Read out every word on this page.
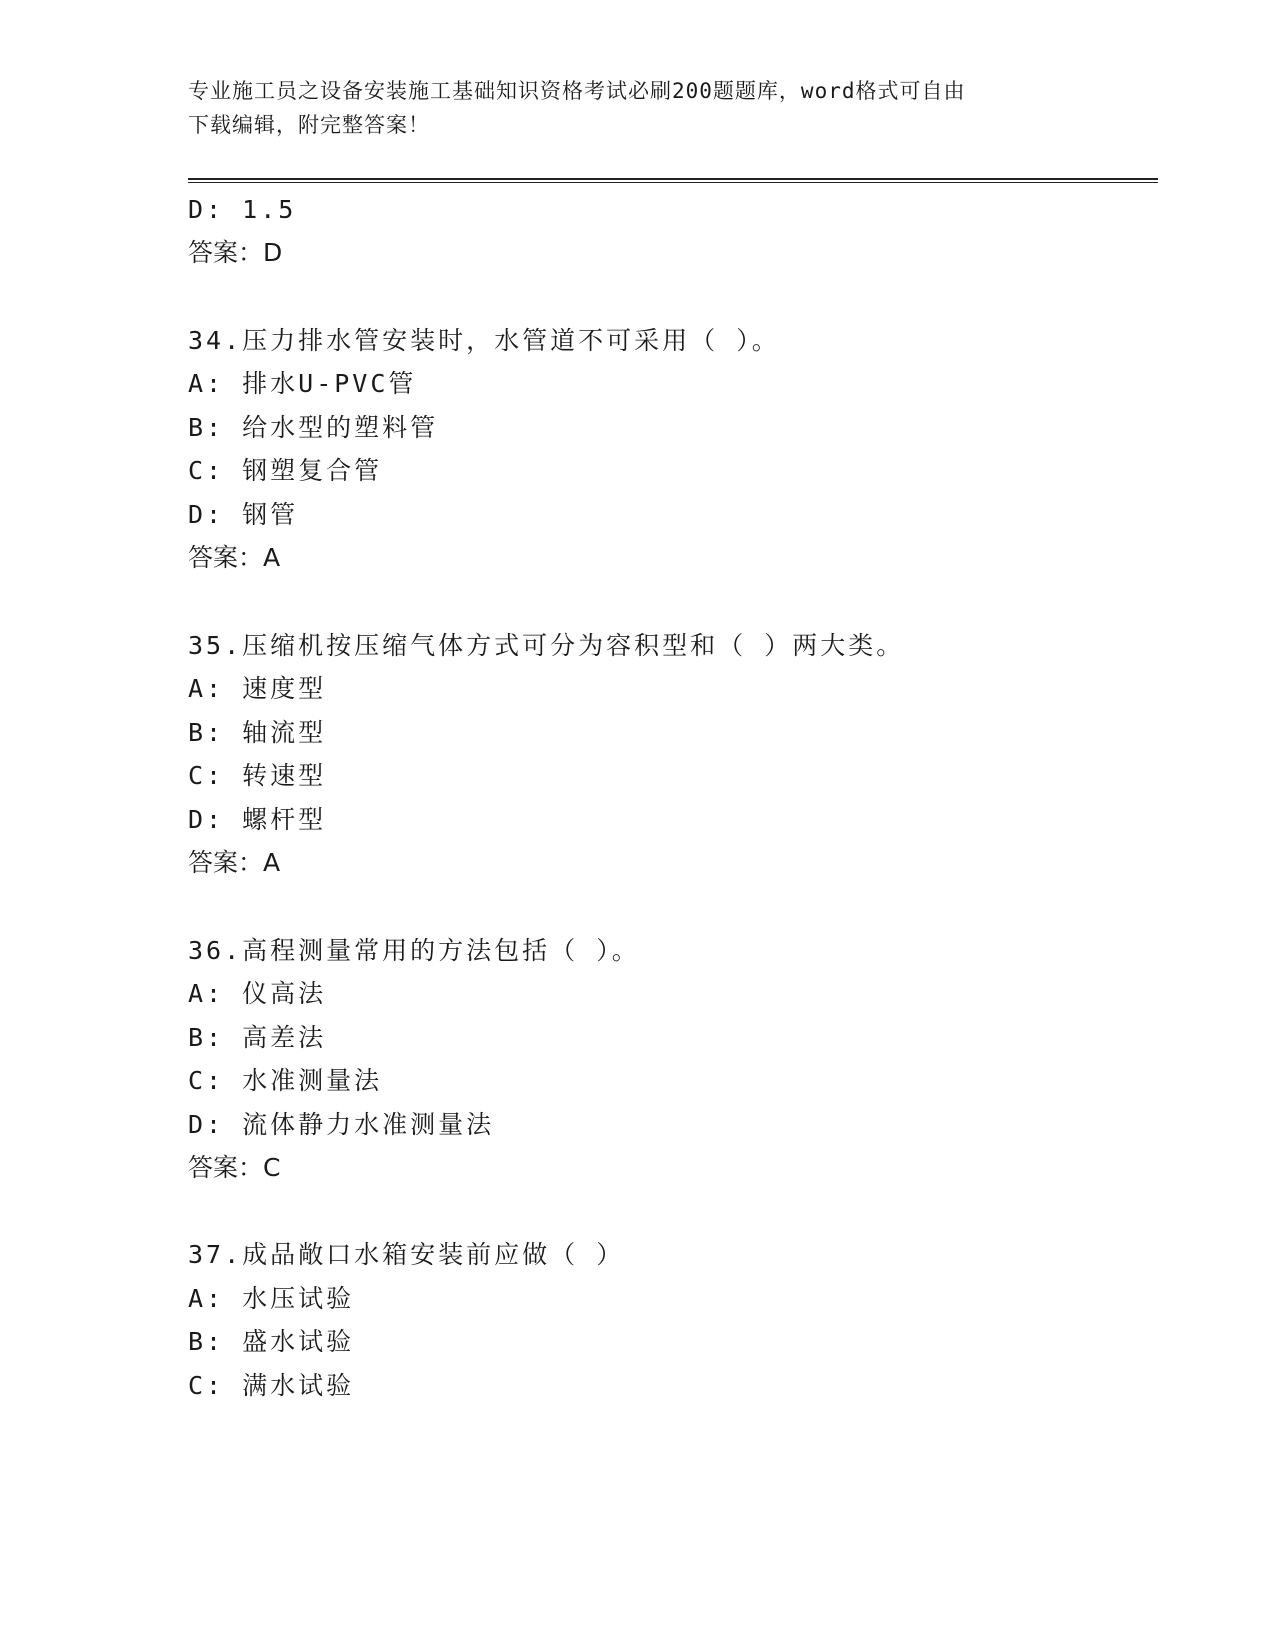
专业施工员之设备安装施工基础知识资格考试必刷200题题库，word格式可自由
下载编辑，附完整答案！
D: 1.5
答案：D
34.压力排水管安装时，水管道不可采用（ ）。
A: 排水U-PVC管
B: 给水型的塑料管
C: 钢塑复合管
D: 钢管
答案：A
35.压缩机按压缩气体方式可分为容积型和（ ）两大类。
A: 速度型
B: 轴流型
C: 转速型
D: 螺杆型
答案：A
36.高程测量常用的方法包括（ ）。
A: 仪高法
B: 高差法
C: 水准测量法
D: 流体静力水准测量法
答案：C
37.成品敞口水箱安装前应做（ ）
A: 水压试验
B: 盛水试验
C: 满水试验
